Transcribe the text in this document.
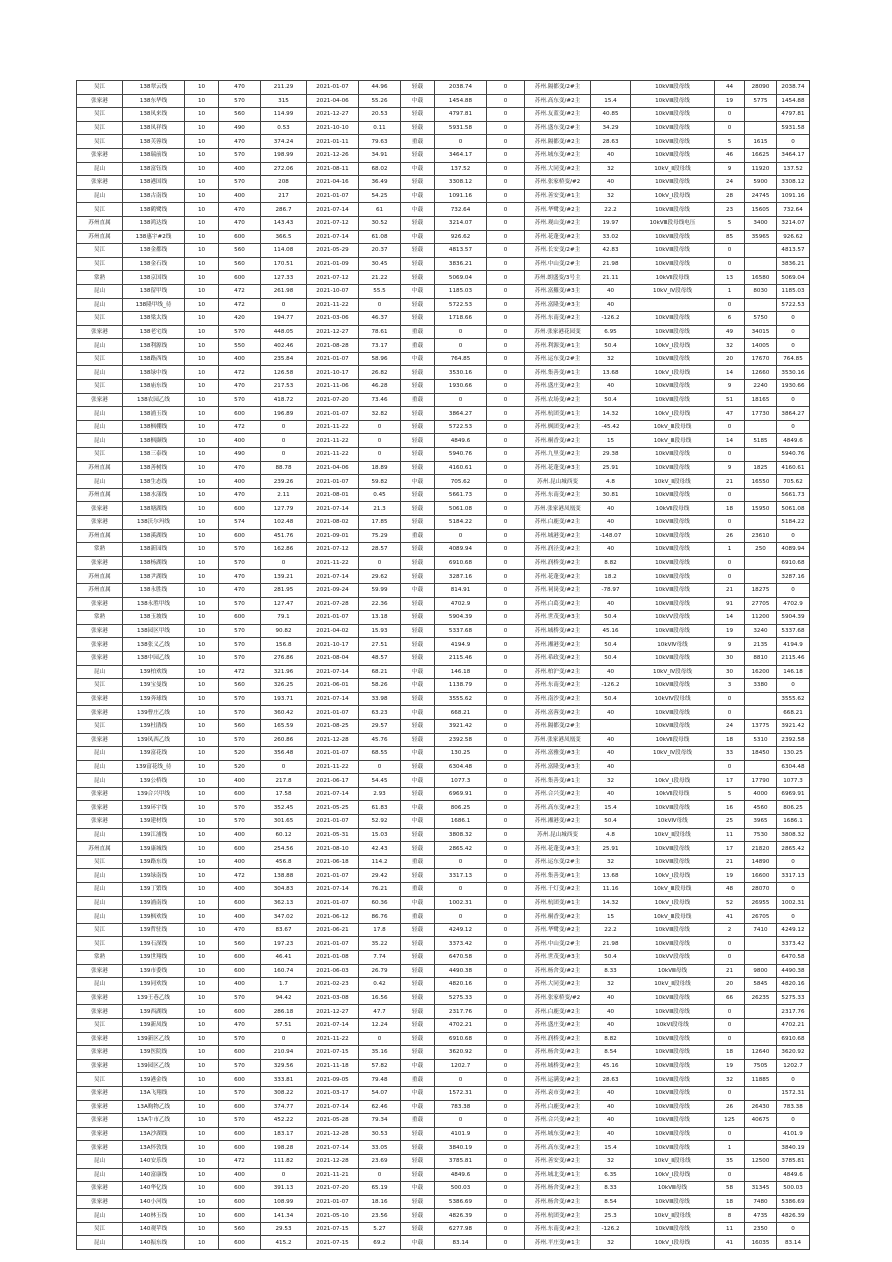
吴江	138翠云线	10	470	211.29	2021-01-07	44.96	轻载	2038.74	0	苏州.隔都变/2#主		10kVⅢ段母线	44	28090	2038.74
张家港	138东华线	10	570	315	2021-04-06	55.26	中载	1454.88	0	苏州.高东变/#2主	15.4	10kVⅢ段母线	19	5775	1454.88
吴江	138凤来线	10	560	114.99	2021-12-27	20.53	轻载	4797.81	0	苏州.友蓝变/#2主	40.85	10kVⅢ段母线	0		4797.81
吴江	138凤祥线	10	490	0.53	2021-10-10	0.11	轻载	5931.58	0	苏州.盛东变/2#主	34.29	10kVⅢ段母线	0		5931.58
吴江	138芙蓉线	10	470	374.24	2021-01-11	79.63	重载	0	0	苏州.隔都变/#2主	28.63	10kVⅢ段母线	5	1615	0
张家港	138瑞前线	10	570	198.99	2021-12-26	34.91	轻载	3464.17	0	苏州.城东变/#2主	40	10kVⅢ段母线	46	16625	3464.17
昆山	138富钰线	10	400	272.06	2021-08-11	68.02	中载	137.52	0	苏州.大同变/#2主	32	10kV_Ⅱ段母线	9	11920	137.52
张家港	138港国线	10	570	208	2021-04-16	36.49	轻载	3308.12	0	苏州.张家桥变/#2	40	10kVⅢ段母线	24	5900	3308.12
昆山	138古南线	10	400	217	2021-01-07	54.25	中载	1091.16	0	苏州.善安变/#1主	32	10kV_Ⅰ段母线	28	24745	1091.16
吴江	138鹤鹭线	10	470	286.7	2021-07-14	61	中载	732.64	0	苏州.华鹭变/#2主	22.2	10kVⅢ段母线	23	15605	732.64
苏州直属	138鸿达线	10	470	143.43	2021-07-12	30.52	轻载	3214.07	0	苏州.观山变/#2主	19.97	10kVⅢ段母线电压	5	3400	3214.07
苏州直属	138惠宇#2线	10	600	366.5	2021-07-14	61.08	中载	926.62	0	苏州.花蓬变/#2主	33.02	10kVⅢ段母线	85	35965	926.62
吴江	138金都线	10	560	114.08	2021-05-29	20.37	轻载	4813.57	0	苏州.长安变/2#主	42.83	10kVⅢ段母线	0		4813.57
吴江	138金石线	10	560	170.51	2021-01-09	30.45	轻载	3836.21	0	苏州.中山变/2#主	21.98	10kVⅢ段母线	0		3836.21
常熟	138京国线	10	600	127.33	2021-07-12	21.22	轻载	5069.04	0	苏州.朗盛变/3号主	21.11	10kVⅡ段母线	13	16580	5069.04
昆山	138留甲线	10	472	261.98	2021-10-07	55.5	中载	1185.03	0	苏州.富羅变/#3主	40	10kV_Ⅳ段母线	1	8030	1185.03
昆山	138隆甲线_待	10	472	0	2021-11-22	0	轻载	5722.53	0	苏州.富隆变/#3主	40		0		5722.53
吴江	138梁太线	10	420	194.77	2021-03-06	46.37	轻载	1718.66	0	苏州.东南变/#2主	-126.2	10kVⅢ段母线	6	5750	0
张家港	138老宅线	10	570	448.05	2021-12-27	78.61	重载	0	0	苏州.张家港花园变	6.95	10kVⅢ段母线	49	34015	0
昆山	138利源线	10	550	402.46	2021-08-28	73.17	重载	0	0	苏州.利源变/#1主	50.4	10kV_Ⅰ段母线	32	14005	0
吴江	138路西线	10	400	235.84	2021-01-07	58.96	中载	764.85	0	苏州.运东变/2#主	32	10kVⅢ段母线	20	17670	764.85
昆山	138绿中线	10	472	126.58	2021-10-17	26.82	轻载	3530.16	0	苏州.集善变/#1主	13.68	10kV_Ⅰ段母线	14	12660	3530.16
吴江	138庙东线	10	470	217.53	2021-11-06	46.28	轻载	1930.66	0	苏州.盛庄变/#2主	40	10kVⅢ段母线	9	2240	1930.66
张家港	138农园乙线	10	570	418.72	2021-07-20	73.46	重载	0	0	苏州.农场变/#2主	50.4	10kVⅢ段母线	51	18165	0
昆山	138浦玉线	10	600	196.89	2021-01-07	32.82	轻载	3864.27	0	苏州.杭团变/#1主	14.32	10kV_Ⅰ段母线	47	17730	3864.27
昆山	138枫棚线	10	472	0	2021-11-22	0	轻载	5722.53	0	苏州.枫团变/#2主	-45.42	10kV_Ⅲ段母线	0		0
昆山	138枫撷线	10	400	0	2021-11-22	0	轻载	4849.6	0	苏州.桐香变/#2主	15	10kV_Ⅲ段母线	14	5185	4849.6
吴江	138三泰线	10	490	0	2021-11-22	0	轻载	5940.76	0	苏州.九里变/#2主	29.38	10kVⅢ段母线	0		5940.76
苏州直属	138善树线	10	470	88.78	2021-04-06	18.89	轻载	4160.61	0	苏州.花蓬变/#3主	25.91	10kVⅢ段母线	9	1825	4160.61
昆山	138生态线	10	400	239.26	2021-01-07	59.82	中载	705.62	0	苏州.昆山城西变	4.8	10kV_Ⅱ段母线	21	16550	705.62
苏州直属	138水漾线	10	470	2.11	2021-08-01	0.45	轻载	5661.73	0	苏州.东南变/#2主	30.81	10kVⅢ段母线	0		5661.73
张家港	138塘湖线	10	600	127.79	2021-07-14	21.3	轻载	5061.08	0	苏州.张家港凤凰变	40	10kVⅡ段母线	18	15950	5061.08
张家港	138沃尔玛线	10	574	102.48	2021-08-02	17.85	轻载	5184.22	0	苏州.白鹿变/#2主	40	10kVⅢ段母线	0		5184.22
苏州直属	138溪湖线	10	600	451.76	2021-09-01	75.29	重载	0	0	苏州.城港变/#2主	-148.07	10kVⅢ段母线	26	23610	0
常熟	138新园线	10	570	162.86	2021-07-12	28.57	轻载	4089.94	0	苏州.润泾变/#2主	40	10kVⅢ段母线	1	250	4089.94
张家港	138杨湖线	10	570	0	2021-11-22	0	轻载	6910.68	0	苏州.润桥变/#2主	8.82	10kVⅢ段母线	0		6910.68
苏州直属	138尹湖线	10	470	139.21	2021-07-14	29.62	轻载	3287.16	0	苏州.花蓬变/#2主	18.2	10kVⅢ段母线	0		3287.16
苏州直属	138永胜线	10	470	281.95	2021-09-24	59.99	中载	814.91	0	苏州.祠岗变/#2主	-78.97	10kVⅢ段母线	21	18275	0
张家港	138永胜甲线	10	570	127.47	2021-07-28	22.36	轻载	4702.9	0	苏州.白葛变/#2主	40	10kVⅢ段母线	91	27705	4702.9
常熟	138玉坡线	10	600	79.1	2021-01-07	13.18	轻载	5904.39	0	苏州.世茂变/#3主	50.4	10kVⅤ段母线	14	11200	5904.39
张家港	138园区甲线	10	570	90.82	2021-04-02	15.93	轻载	5337.68	0	苏州.城桥变/#2主	45.16	10kVⅢ段母线	19	3240	5337.68
张家港	138张义乙线	10	570	156.8	2021-10-17	27.51	轻载	4194.9	0	苏州.湘港变/#2主	50.4	10kVⅣ母线	9	2135	4194.9
张家港	138中园乙线	10	570	276.86	2021-08-04	48.57	轻载	2115.46	0	苏州.希政变/#2主	50.4	10kVⅢ段母线	30	8810	2115.46
昆山	139柏欢线	10	472	321.96	2021-07-14	68.21	中载	146.18	0	苏州.柏沪变/#2主	40	10kV_Ⅳ段母线	30	16200	146.18
吴江	139宝曼线	10	560	326.25	2021-06-01	58.26	中载	1138.79	0	苏州.东南变/#2主	-126.2	10kVⅢ段母线	3	3380	0
张家港	139奔球线	10	570	193.71	2021-07-14	33.98	轻载	3555.62	0	苏州.南沙变/#2主	50.4	10kVⅣ段母线	0		3555.62
张家港	139曹庄乙线	10	570	360.42	2021-01-07	63.23	中载	668.21	0	苏州.富蓉变/#2主	40	10kVⅢ段母线	0		668.21
吴江	139杜鹃线	10	560	165.59	2021-08-25	29.57	轻载	3921.42	0	苏州.隔都变/2#主		10kVⅢ段母线	24	13775	3921.42
张家港	139凤西乙线	10	570	260.86	2021-12-28	45.76	轻载	2392.58	0	苏州.张家港凤凰变	40	10kVⅡ段母线	18	5310	2392.58
昆山	139富花线	10	520	356.48	2021-01-07	68.55	中载	130.25	0	苏州.富雅变/#3主	40	10kV_Ⅳ段母线	33	18450	130.25
昆山	139富花线_待	10	520	0	2021-11-22	0	轻载	6304.48	0	苏州.富隆变/#3主	40		0		6304.48
昆山	139公桥线	10	400	217.8	2021-06-17	54.45	中载	1077.3	0	苏州.集善变/#1主	32	10kV_Ⅰ段母线	17	17790	1077.3
张家港	139合兴甲线	10	600	17.58	2021-07-14	2.93	轻载	6969.91	0	苏州.合兴变/#2主	40	10kVⅡ段母线	5	4000	6969.91
张家港	139环宇线	10	570	352.45	2021-05-25	61.83	中载	806.25	0	苏州.高东变/#2主	15.4	10kVⅢ段母线	16	4560	806.25
张家港	139建材线	10	570	301.65	2021-01-07	52.92	中载	1686.1	0	苏州.湘港变/#2主	50.4	10kVⅣ母线	25	3965	1686.1
昆山	139江浦线	10	400	60.12	2021-05-31	15.03	轻载	3808.32	0	苏州.昆山城西变	4.8	10kV_Ⅱ段母线	11	7530	3808.32
苏州直属	139康城线	10	600	254.56	2021-08-10	42.43	轻载	2865.42	0	苏州.花蓬变/#3主	25.91	10kVⅢ段母线	17	21820	2865.42
吴江	139路东线	10	400	456.8	2021-06-18	114.2	重载	0	0	苏州.运东变/2#主	32	10kVⅢ段母线	21	14890	0
昆山	139绿南线	10	472	138.88	2021-01-07	29.42	轻载	3317.13	0	苏州.集善变/#1主	13.68	10kV_Ⅰ段母线	19	16600	3317.13
昆山	139丁繁线	10	400	304.83	2021-07-14	76.21	重载	0	0	苏州.千灯变/#2主	11.16	10kV_Ⅲ段母线	48	28070	0
昆山	139浦南线	10	600	362.13	2021-01-07	60.36	中载	1002.31	0	苏州.杭团变/#1主	14.32	10kV_Ⅰ段母线	52	26955	1002.31
昆山	139枫欢线	10	400	347.02	2021-06-12	86.76	重载	0	0	苏州.桐香变/#2主	15	10kV_Ⅲ段母线	41	26705	0
吴江	139哲驻线	10	470	83.67	2021-06-21	17.8	轻载	4249.12	0	苏州.华鹭变/#2主	22.2	10kVⅢ段母线	2	7410	4249.12
吴江	139石深线	10	560	197.23	2021-01-07	35.22	轻载	3373.42	0	苏州.中山变/2#主	21.98	10kVⅢ段母线	0		3373.42
常熟	139世翔线	10	600	46.41	2021-01-08	7.74	轻载	6470.58	0	苏州.世茂变/#3主	50.4	10kVⅤ段母线	0		6470.58
张家港	139市委线	10	600	160.74	2021-06-03	26.79	轻载	4490.38	0	苏州.杨舍变/#2主	8.33	10kVⅢ母线	21	9800	4490.38
昆山	139同欢线	10	400	1.7	2021-02-23	0.42	轻载	4820.16	0	苏州.大同变/#2主	32	10kV_Ⅱ段母线	20	5845	4820.16
张家港	139王巷乙线	10	570	94.42	2021-03-08	16.56	轻载	5275.33	0	苏州.张家桥变/#2	40	10kVⅢ段母线	66	26235	5275.33
张家港	139西湖线	10	600	286.18	2021-12-27	47.7	轻载	2317.76	0	苏州.白鹿变/#2主	40	10kVⅢ段母线	0		2317.76
吴江	139新凤线	10	470	57.51	2021-07-14	12.24	轻载	4702.21	0	苏州.盛庄变/#2主	40	10kVⅠ段母线	0		4702.21
张家港	139新区乙线	10	570	0	2021-11-22	0	轻载	6910.68	0	苏州.润桥变/#2主	8.82	10kVⅢ段母线	0		6910.68
张家港	139医院线	10	600	210.94	2021-07-15	35.16	轻载	3620.92	0	苏州.杨舍变/#2主	8.54	10kVⅢ段母线	18	12640	3620.92
张家港	139园区乙线	10	570	329.56	2021-11-18	57.82	中载	1202.7	0	苏州.城桥变/#2主	45.16	10kVⅢ段母线	19	7505	1202.7
吴江	139港金线	10	600	333.81	2021-09-05	79.48	重载	0	0	苏州.运满变/#2主	28.63	10kVⅢ段母线	32	11885	0
张家港	13A飞翔线	10	570	308.22	2021-03-17	54.07	中载	1572.31	0	苏州.袁市变/#2主	40	10kVⅢ段母线	0		1572.31
张家港	13A购物乙线	10	600	374.77	2021-07-14	62.46	中载	783.38	0	苏州.白鹿变/#2主	40	10kVⅢ段母线	26	26430	783.38
张家港	13A牛市乙线	10	570	452.22	2021-05-28	79.34	重载	0	0	苏州.合兴变/#2主	40	10kVⅢ段母线	125	40675	0
张家港	13A沙湖线	10	600	183.17	2021-12-28	30.53	轻载	4101.9	0	苏州.城东变/#2主	40	10kVⅢ段母线	0		4101.9
张家港	13A怀敦线	10	600	198.28	2021-07-14	33.05	轻载	3840.19	0	苏州.高东变/#2主	15.4	10kVⅢ段母线	1		3840.19
昆山	140安乐线	10	472	111.82	2021-12-28	23.69	轻载	3785.81	0	苏州.善安变/#2主	32	10kV_Ⅱ段母线	35	12500	3785.81
昆山	140富康线	10	400	0	2021-11-21	0	轻载	4849.6	0	苏州.城北变/#1主	6.35	10kV_Ⅰ段母线	0		4849.6
张家港	140华亿线	10	600	391.13	2021-07-20	65.19	中载	500.03	0	苏州.杨舍变/#2主	8.33	10kVⅢ母线	58	31345	500.03
张家港	140小河线	10	600	108.99	2021-01-07	18.16	轻载	5386.69	0	苏州.杨舍变/#2主	8.54	10kVⅢ段母线	18	7480	5386.69
昆山	140林玉线	10	600	141.34	2021-05-10	23.56	轻载	4826.39	0	苏州.杭团变/#2主	25.3	10kV_Ⅱ段母线	8	4735	4826.39
吴江	140观苹线	10	560	29.53	2021-07-15	5.27	轻载	6277.98	0	苏州.东南变/#2主	-126.2	10kVⅢ段母线	11	2350	0
昆山	140振东线	10	600	415.2	2021-07-15	69.2	中载	83.14	0	苏州.平庄变/#1主	32	10kV_Ⅰ段母线	41	16035	83.14
